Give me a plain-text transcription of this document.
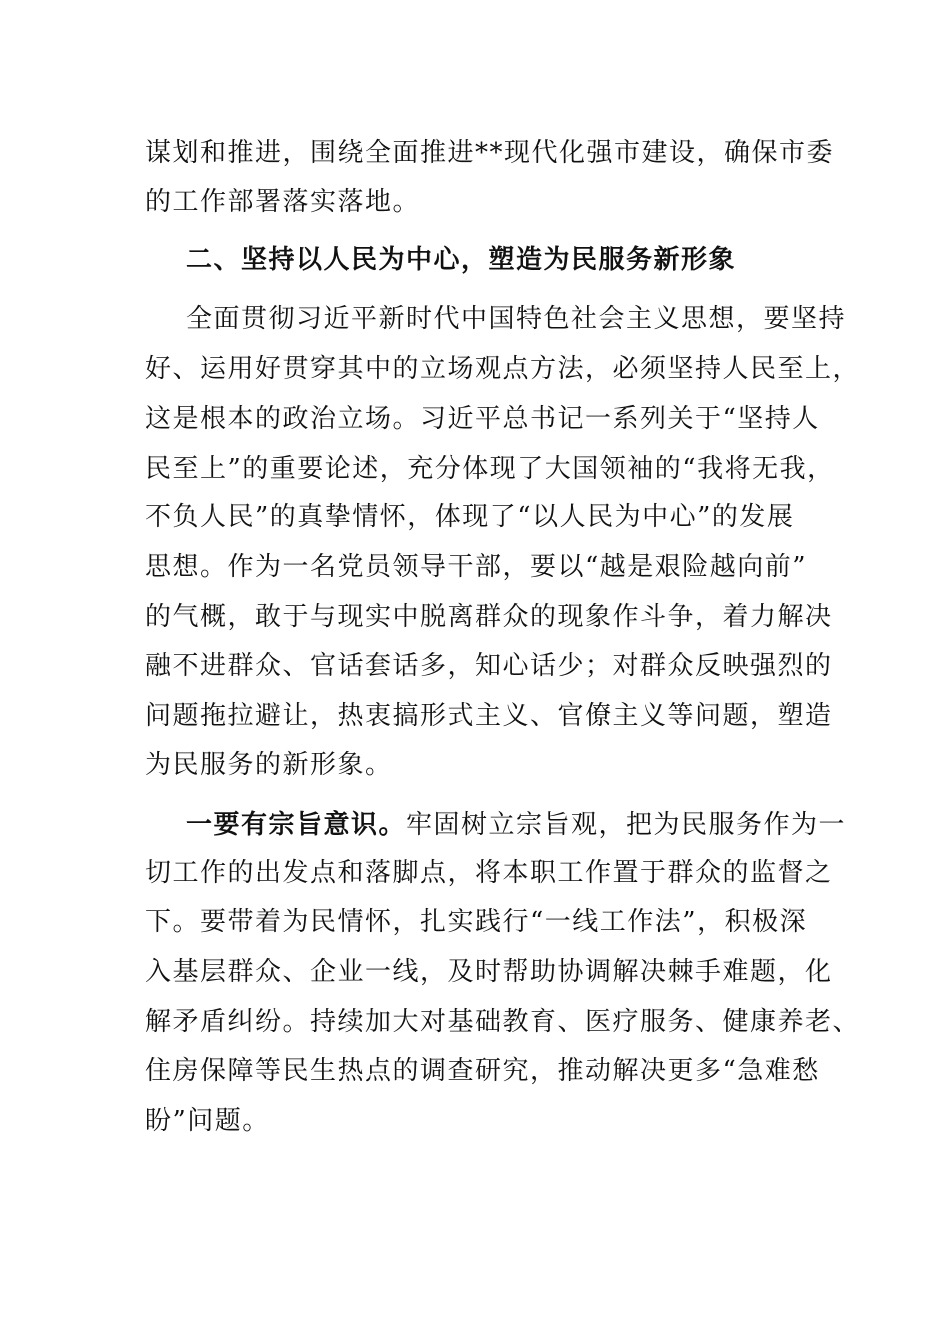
谋划和推进，围绕全面推进**现代化强市建设，确保市委
的工作部署落实落地。
二、坚持以人民为中心，塑造为民服务新形象
全面贯彻习近平新时代中国特色社会主义思想，要坚持
好、运用好贯穿其中的立场观点方法，必须坚持人民至上，
这是根本的政治立场。习近平总书记一系列关于“坚持人
民至上”的重要论述，充分体现了大国领袖的“我将无我，
不负人民”的真挚情怀，体现了“以人民为中心”的发展
思想。作为一名党员领导干部，要以“越是艰险越向前”
的气概，敢于与现实中脱离群众的现象作斗争，着力解决
融不进群众、官话套话多，知心话少；对群众反映强烈的
问题拖拉避让，热衷搞形式主义、官僚主义等问题，塑造
为民服务的新形象。
一要有宗旨意识。牢固树立宗旨观，把为民服务作为一
切工作的出发点和落脚点，将本职工作置于群众的监督之
下。要带着为民情怀，扎实践行“一线工作法”，积极深
入基层群众、企业一线，及时帮助协调解决棘手难题，化
解矛盾纠纷。持续加大对基础教育、医疗服务、健康养老、
住房保障等民生热点的调查研究，推动解决更多“急难愁
盼”问题。
